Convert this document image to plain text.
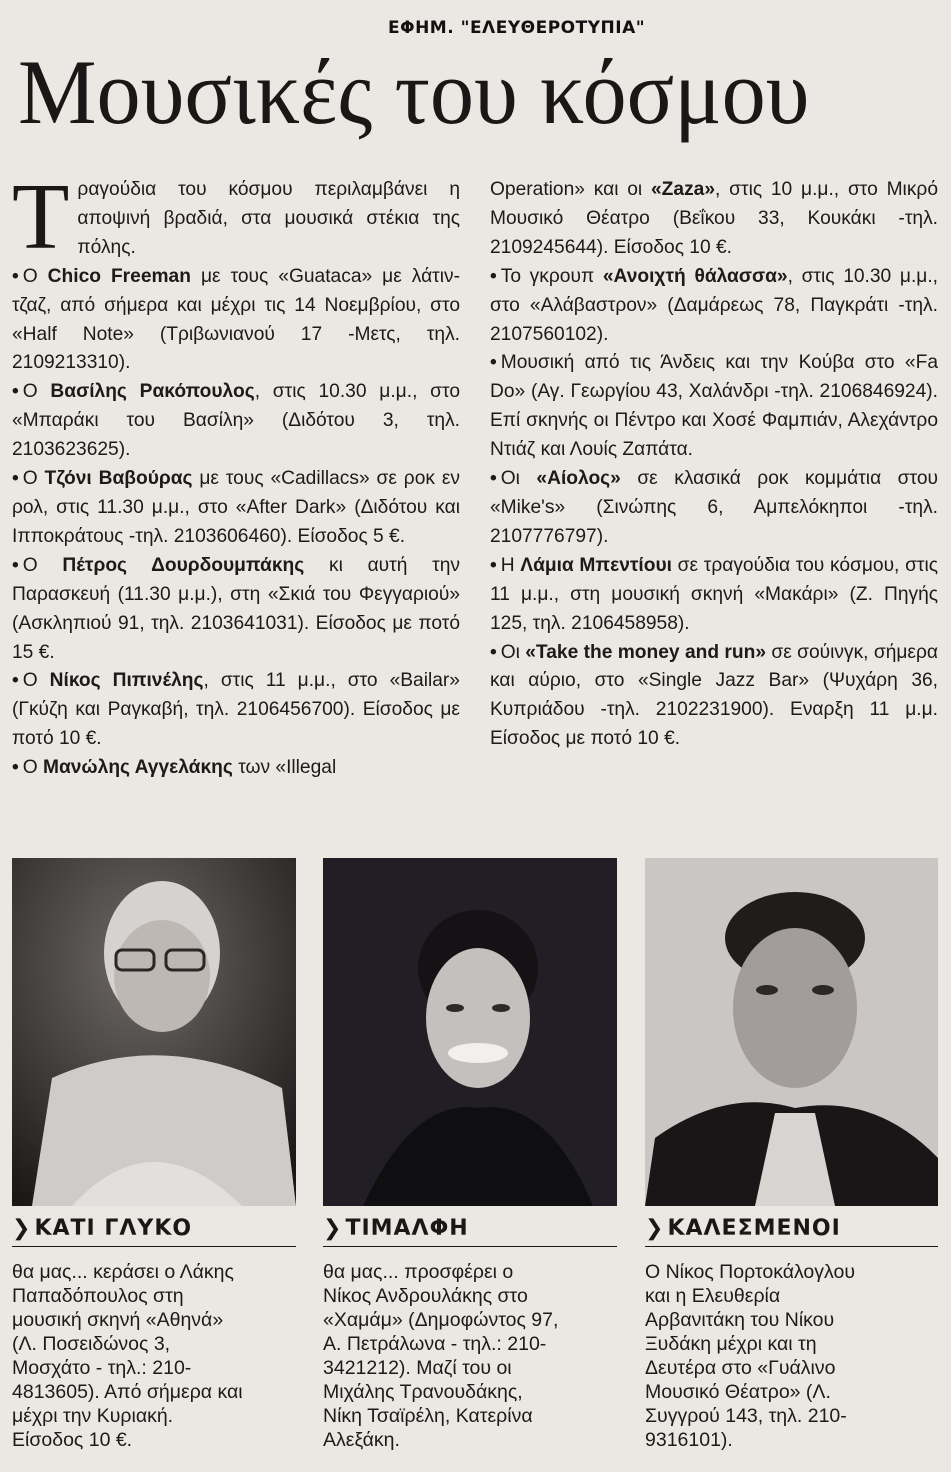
ΕΦΗΜ. "ΕΛΕΥΘΕΡΟΤΥΠΙΑ"
Μουσικές του κόσμου

Τραγούδια του κόσμου περιλαμβάνει η αποψινή βραδιά, στα μουσικά στέκια της πόλης.

• Ο Chico Freeman με τους «Guataca» με λάτιν-τζαζ, από σήμερα και μέχρι τις 14 Νοεμβρίου, στο «Half Note» (Τριβωνιανού 17 -Μετς, τηλ. 2109213310).

• Ο Βασίλης Ρακόπουλος, στις 10.30 μ.μ., στο «Μπαράκι του Βασίλη» (Διδότου 3, τηλ. 2103623625).

• Ο Τζόνι Βαβούρας με τους «Cadillacs» σε ροκ εν ρολ, στις 11.30 μ.μ., στο «After Dark» (Διδότου και Ιπποκράτους -τηλ. 2103606460). Είσοδος 5 €.

• Ο Πέτρος Δουρδουμπάκης κι αυτή την Παρασκευή (11.30 μ.μ.), στη «Σκιά του Φεγγαριού» (Ασκληπιού 91, τηλ. 2103641031). Είσοδος με ποτό 15 €.

• Ο Νίκος Πιπινέλης, στις 11 μ.μ., στο «Bailar» (Γκύζη και Ραγκαβή, τηλ. 2106456700). Είσοδος με ποτό 10 €.

• Ο Μανώλης Αγγελάκης των «Illegal

Operation» και οι «Zaza», στις 10 μ.μ., στο Μικρό Μουσικό Θέατρο (Βεΐκου 33, Κουκάκι -τηλ. 2109245644). Είσοδος 10 €.

• Το γκρουπ «Ανοιχτή θάλασσα», στις 10.30 μ.μ., στο «Αλάβαστρον» (Δαμάρεως 78, Παγκράτι -τηλ. 2107560102).

• Μουσική από τις Άνδεις και την Κούβα στο «Fa Do» (Αγ. Γεωργίου 43, Χαλάνδρι -τηλ. 2106846924). Επί σκηνής οι Πέντρο και Χοσέ Φαμπιάν, Αλεχάντρο Ντιάζ και Λουίς Ζαπάτα.

• Οι «Αίολος» σε κλασικά ροκ κομμάτια στου «Mike's» (Σινώπης 6, Αμπελόκηποι -τηλ. 2107776797).

• Η Λάμια Μπεντίουι σε τραγούδια του κόσμου, στις 11 μ.μ., στη μουσική σκηνή «Μακάρι» (Ζ. Πηγής 125, τηλ. 2106458958).

• Οι «Take the money and run» σε σούινγκ, σήμερα και αύριο, στο «Single Jazz Bar» (Ψυχάρη 36, Κυπριάδου -τηλ. 2102231900). Εναρξη 11 μ.μ. Είσοδος με ποτό 10 €.

❯ ΚΑΤΙ ΓΛΥΚΟ	❯ ΤΙΜΑΛΦΗ	❯ ΚΑΛΕΣΜΕΝΟΙ
θα μας... κεράσει ο Λάκης
Παπαδόπουλος στη
μουσική σκηνή «Αθηνά»
(Λ. Ποσειδώνος 3,
Μοσχάτο - τηλ.: 210-
4813605). Από σήμερα και
μέχρι την Κυριακή.
Είσοδος 10 €.
θα μας... προσφέρει ο
Νίκος Ανδρουλάκης στο
«Χαμάμ» (Δημοφώντος 97,
Α. Πετράλωνα - τηλ.: 210-
3421212). Μαζί του οι
Μιχάλης Τρανουδάκης,
Νίκη Τσαϊρέλη, Κατερίνα
Αλεξάκη.
Ο Νίκος Πορτοκάλογλου
και η Ελευθερία
Αρβανιτάκη του Νίκου
Ξυδάκη μέχρι και τη
Δευτέρα στο «Γυάλινο
Μουσικό Θέατρο» (Λ.
Συγγρού 143, τηλ. 210-
9316101).
